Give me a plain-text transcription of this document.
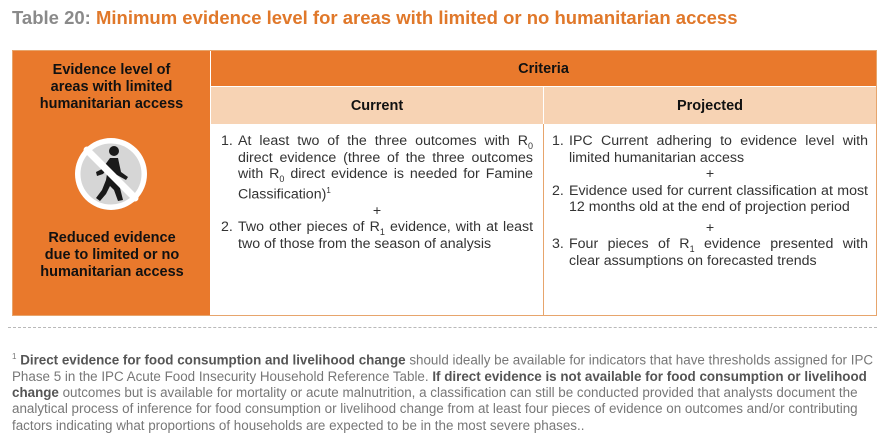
Table 20: Minimum evidence level for areas with limited or no humanitarian access
Evidence level of
areas with limited
humanitarian access
Criteria
Current	Projected
Reduced evidence
due to limited or no
humanitarian access
1. At least two of the three outcomes with $R_0$ direct evidence (three of the three outcomes with $R_0$ direct evidence is needed for Famine Classification)$^1$
+
2. Two other pieces of $R_1$ evidence, with at least two of those from the season of analysis
1. IPC Current adhering to evidence level with limited humanitarian access
+
2. Evidence used for current classification at most 12 months old at the end of projection period
+
3. Four pieces of $R_1$ evidence presented with clear assumptions on forecasted trends
$^1$ Direct evidence for food consumption and livelihood change should ideally be available for indicators that have thresholds assigned for IPC Phase 5 in the IPC Acute Food Insecurity Household Reference Table. If direct evidence is not available for food consumption or livelihood change outcomes but is available for mortality or acute malnutrition, a classification can still be conducted provided that analysts document the analytical process of inference for food consumption or livelihood change from at least four pieces of evidence on outcomes and/or contributing factors indicating what proportions of households are expected to be in the most severe phases..
